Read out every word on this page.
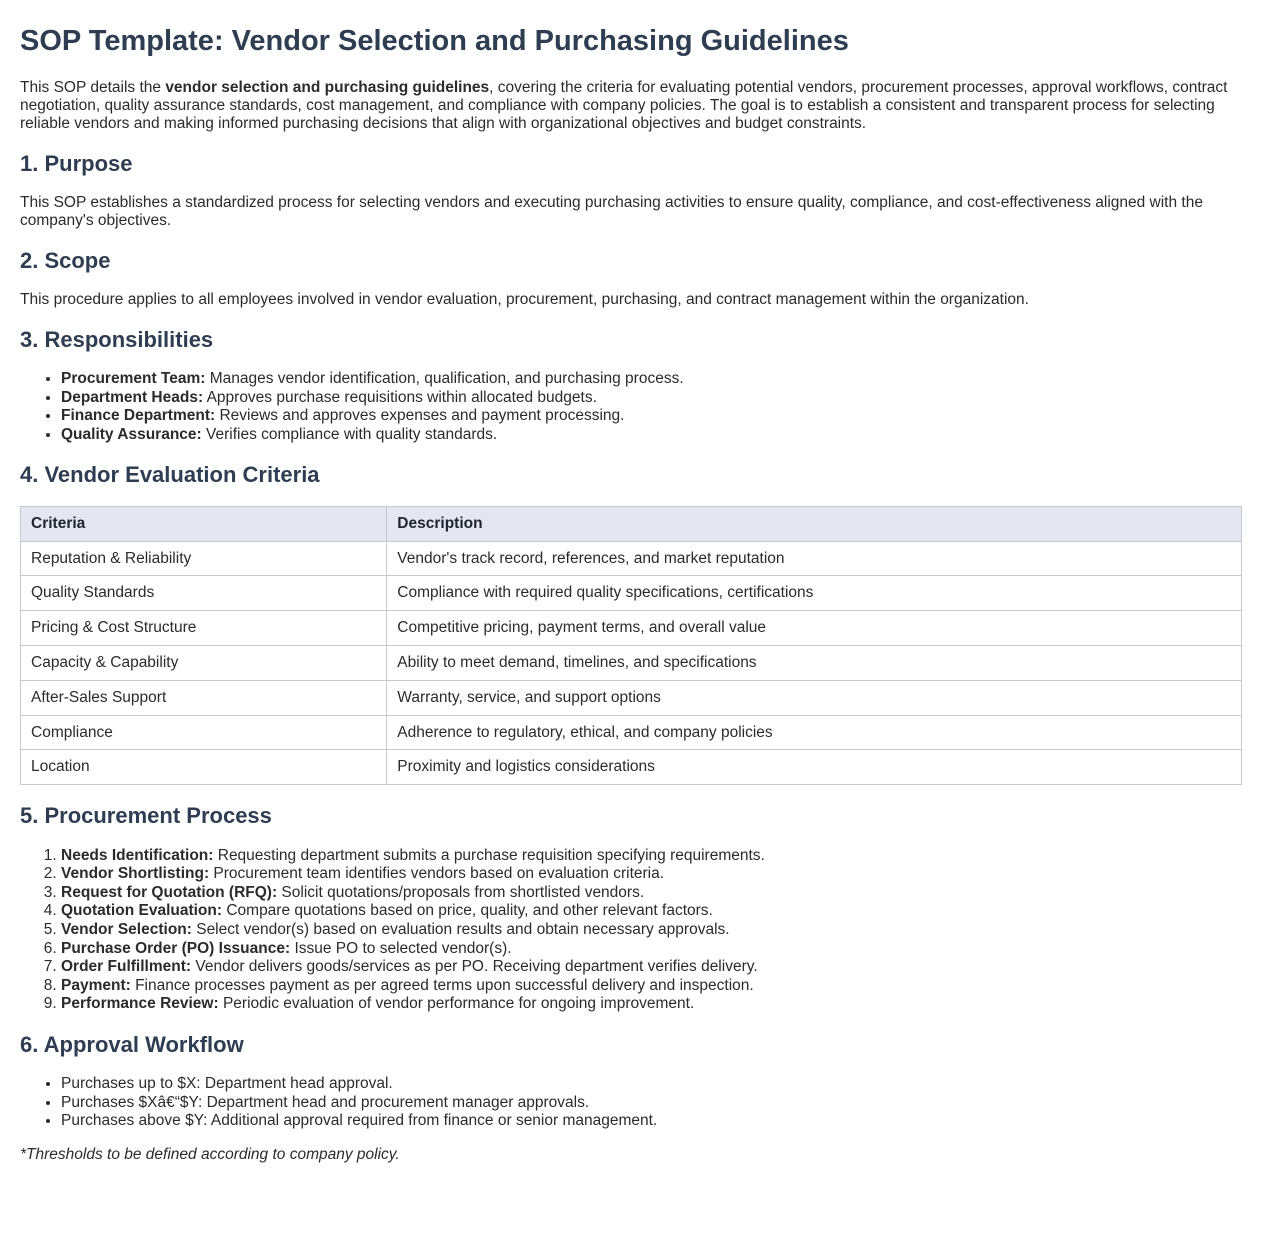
SOP Template: Vendor Selection and Purchasing Guidelines

This SOP details the vendor selection and purchasing guidelines, covering the criteria for evaluating potential vendors, procurement processes, approval workflows, contract negotiation, quality assurance standards, cost management, and compliance with company policies. The goal is to establish a consistent and transparent process for selecting reliable vendors and making informed purchasing decisions that align with organizational objectives and budget constraints.

1. Purpose

This SOP establishes a standardized process for selecting vendors and executing purchasing activities to ensure quality, compliance, and cost-effectiveness aligned with the company's objectives.

2. Scope

This procedure applies to all employees involved in vendor evaluation, procurement, purchasing, and contract management within the organization.

3. Responsibilities
• Procurement Team: Manages vendor identification, qualification, and purchasing process.
• Department Heads: Approves purchase requisitions within allocated budgets.
• Finance Department: Reviews and approves expenses and payment processing.
• Quality Assurance: Verifies compliance with quality standards.
4. Vendor Evaluation Criteria
Criteria	Description
Reputation & Reliability	Vendor's track record, references, and market reputation
Quality Standards	Compliance with required quality specifications, certifications
Pricing & Cost Structure	Competitive pricing, payment terms, and overall value
Capacity & Capability	Ability to meet demand, timelines, and specifications
After-Sales Support	Warranty, service, and support options
Compliance	Adherence to regulatory, ethical, and company policies
Location	Proximity and logistics considerations
5. Procurement Process
1. Needs Identification: Requesting department submits a purchase requisition specifying requirements.
2. Vendor Shortlisting: Procurement team identifies vendors based on evaluation criteria.
3. Request for Quotation (RFQ): Solicit quotations/proposals from shortlisted vendors.
4. Quotation Evaluation: Compare quotations based on price, quality, and other relevant factors.
5. Vendor Selection: Select vendor(s) based on evaluation results and obtain necessary approvals.
6. Purchase Order (PO) Issuance: Issue PO to selected vendor(s).
7. Order Fulfillment: Vendor delivers goods/services as per PO. Receiving department verifies delivery.
8. Payment: Finance processes payment as per agreed terms upon successful delivery and inspection.
9. Performance Review: Periodic evaluation of vendor performance for ongoing improvement.
6. Approval Workflow
• Purchases up to $X: Department head approval.
• Purchases $Xâ€“$Y: Department head and procurement manager approvals.
• Purchases above $Y: Additional approval required from finance or senior management.

*Thresholds to be defined according to company policy.
